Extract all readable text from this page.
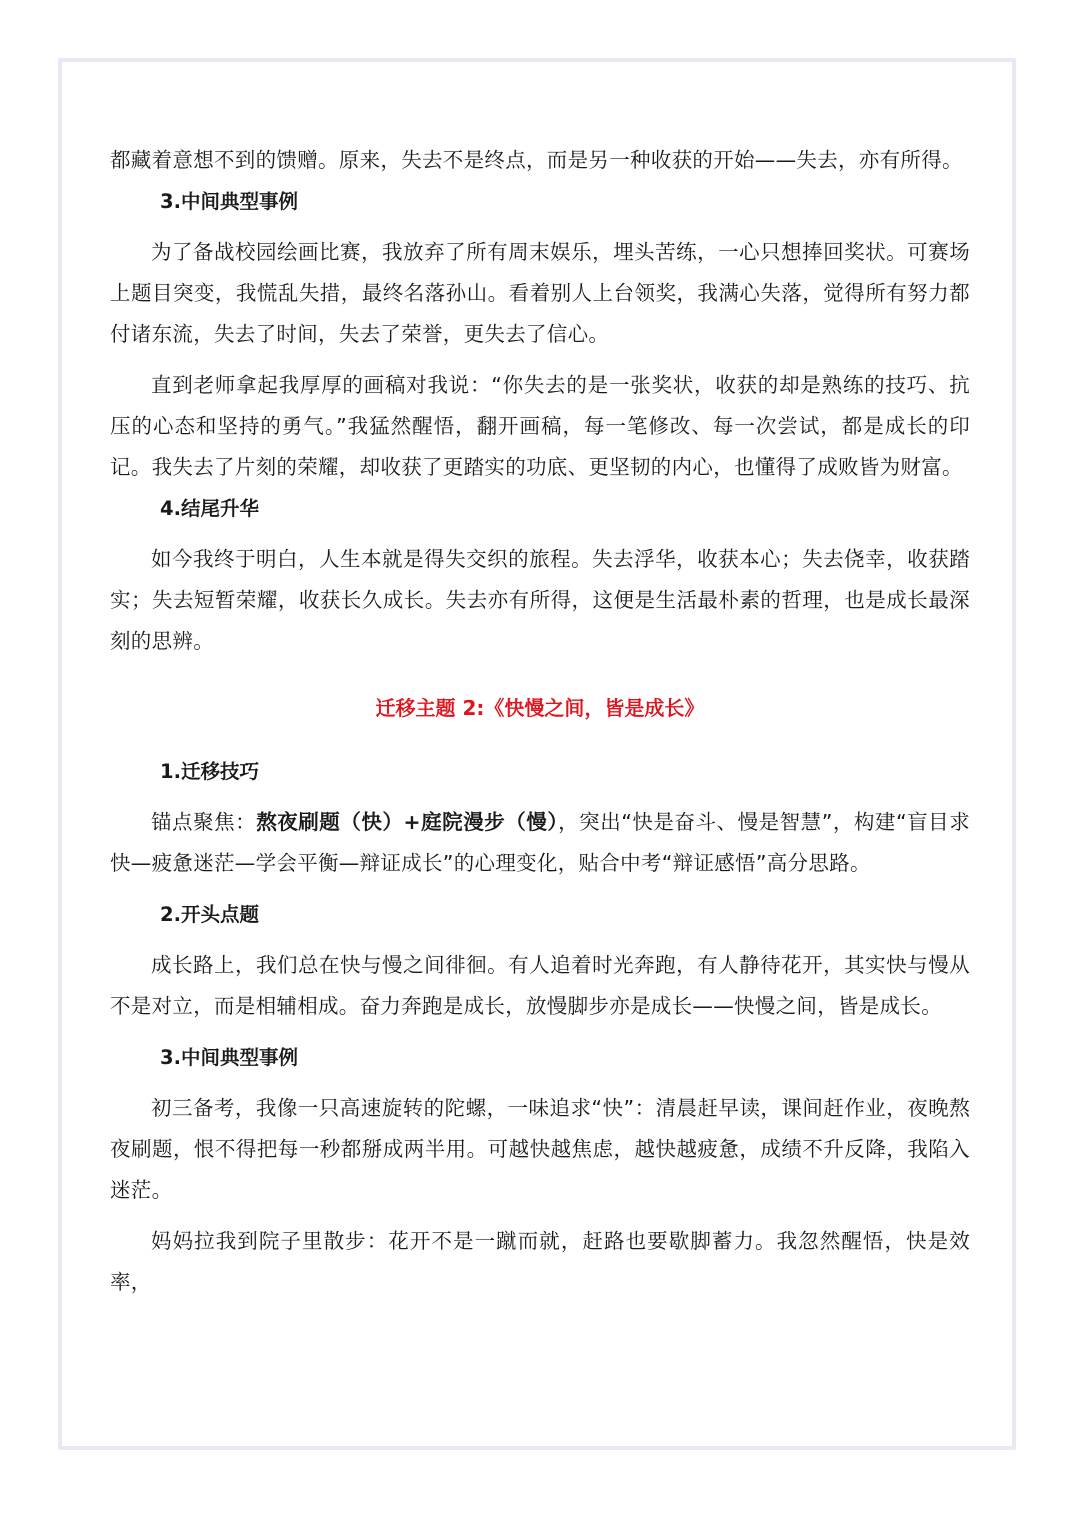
都藏着意想不到的馈赠。原来，失去不是终点，而是另一种收获的开始——失去，亦有所得。

3.中间典型事例

为了备战校园绘画比赛，我放弃了所有周末娱乐，埋头苦练，一心只想捧回奖状。可赛场上题目突变，我慌乱失措，最终名落孙山。看着别人上台领奖，我满心失落，觉得所有努力都付诸东流，失去了时间，失去了荣誉，更失去了信心。

直到老师拿起我厚厚的画稿对我说：“你失去的是一张奖状，收获的却是熟练的技巧、抗压的心态和坚持的勇气。”我猛然醒悟，翻开画稿，每一笔修改、每一次尝试，都是成长的印记。我失去了片刻的荣耀，却收获了更踏实的功底、更坚韧的内心，也懂得了成败皆为财富。

4.结尾升华

如今我终于明白，人生本就是得失交织的旅程。失去浮华，收获本心；失去侥幸，收获踏实；失去短暂荣耀，收获长久成长。失去亦有所得，这便是生活最朴素的哲理，也是成长最深刻的思辨。

迁移主题 2:《快慢之间，皆是成长》
1.迁移技巧

锚点聚焦：熬夜刷题（快）+庭院漫步（慢），突出“快是奋斗、慢是智慧”，构建“盲目求快—疲惫迷茫—学会平衡—辩证成长”的心理变化，贴合中考“辩证感悟”高分思路。

2.开头点题

成长路上，我们总在快与慢之间徘徊。有人追着时光奔跑，有人静待花开，其实快与慢从不是对立，而是相辅相成。奋力奔跑是成长，放慢脚步亦是成长——快慢之间，皆是成长。

3.中间典型事例

初三备考，我像一只高速旋转的陀螺，一味追求“快”：清晨赶早读，课间赶作业，夜晚熬夜刷题，恨不得把每一秒都掰成两半用。可越快越焦虑，越快越疲惫，成绩不升反降，我陷入迷茫。

妈妈拉我到院子里散步：花开不是一蹴而就，赶路也要歇脚蓄力。我忽然醒悟，快是效率，
